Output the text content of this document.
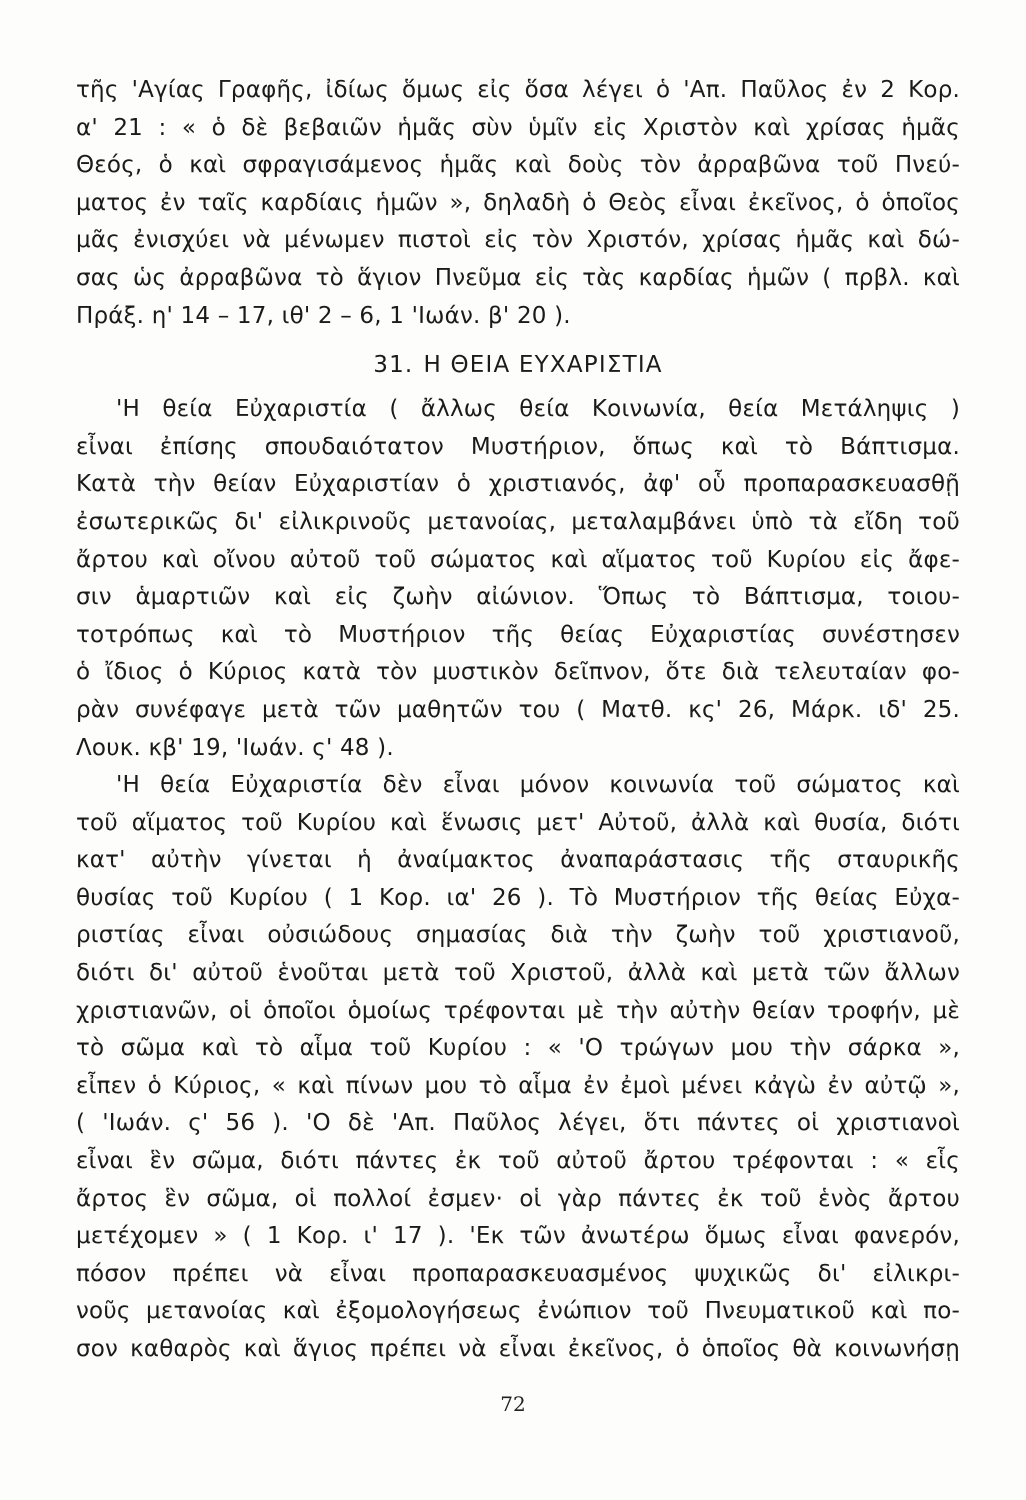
τῆς 'Αγίας Γραφῆς, ἰδίως ὅμως εἰς ὅσα λέγει ὁ 'Απ. Παῦλος ἐν 2 Κορ.
α' 21 : « ὁ δὲ βεβαιῶν ἡμᾶς σὺν ὑμῖν εἰς Χριστὸν καὶ χρίσας ἡμᾶς
Θεός, ὁ καὶ σφραγισάμενος ἡμᾶς καὶ δοὺς τὸν ἀρραβῶνα τοῦ Πνεύ-
ματος ἐν ταῖς καρδίαις ἡμῶν », δηλαδὴ ὁ Θεὸς εἶναι ἐκεῖνος, ὁ ὁποῖος
μᾶς ἐνισχύει νὰ μένωμεν πιστοὶ εἰς τὸν Χριστόν, χρίσας ἡμᾶς καὶ δώ-
σας ὡς ἀρραβῶνα τὸ ἅγιον Πνεῦμα εἰς τὰς καρδίας ἡμῶν ( πρβλ. καὶ
Πράξ. η' 14 – 17, ιθ' 2 – 6, 1 'Ιωάν. β' 20 ).
31. Η ΘΕΙΑ ΕΥΧΑΡΙΣΤΙΑ
'Η θεία Εὐχαριστία ( ἄλλως θεία Κοινωνία, θεία Μετάληψις )
εἶναι ἐπίσης σπουδαιότατον Μυστήριον, ὅπως καὶ τὸ Βάπτισμα.
Κατὰ τὴν θείαν Εὐχαριστίαν ὁ χριστιανός, ἀφ' οὗ προπαρασκευασθῇ
ἐσωτερικῶς δι' εἰλικρινοῦς μετανοίας, μεταλαμβάνει ὑπὸ τὰ εἴδη τοῦ
ἄρτου καὶ οἴνου αὐτοῦ τοῦ σώματος καὶ αἵματος τοῦ Κυρίου εἰς ἄφε-
σιν ἁμαρτιῶν καὶ εἰς ζωὴν αἰώνιον. Ὅπως τὸ Βάπτισμα, τοιου-
τοτρόπως καὶ τὸ Μυστήριον τῆς θείας Εὐχαριστίας συνέστησεν
ὁ ἴδιος ὁ Κύριος κατὰ τὸν μυστικὸν δεῖπνον, ὅτε διὰ τελευταίαν φο-
ρὰν συνέφαγε μετὰ τῶν μαθητῶν του ( Ματθ. κς' 26, Μάρκ. ιδ' 25.
Λουκ. κβ' 19, 'Ιωάν. ς' 48 ).
'Η θεία Εὐχαριστία δὲν εἶναι μόνον κοινωνία τοῦ σώματος καὶ
τοῦ αἵματος τοῦ Κυρίου καὶ ἕνωσις μετ' Αὐτοῦ, ἀλλὰ καὶ θυσία, διότι
κατ' αὐτὴν γίνεται ἡ ἀναίμακτος ἀναπαράστασις τῆς σταυρικῆς
θυσίας τοῦ Κυρίου ( 1 Κορ. ια' 26 ). Τὸ Μυστήριον τῆς θείας Εὐχα-
ριστίας εἶναι οὐσιώδους σημασίας διὰ τὴν ζωὴν τοῦ χριστιανοῦ,
διότι δι' αὐτοῦ ἑνοῦται μετὰ τοῦ Χριστοῦ, ἀλλὰ καὶ μετὰ τῶν ἄλλων
χριστιανῶν, οἱ ὁποῖοι ὁμοίως τρέφονται μὲ τὴν αὐτὴν θείαν τροφήν, μὲ
τὸ σῶμα καὶ τὸ αἷμα τοῦ Κυρίου : « 'Ο τρώγων μου τὴν σάρκα »,
εἶπεν ὁ Κύριος, « καὶ πίνων μου τὸ αἷμα ἐν ἐμοὶ μένει κἀγὼ ἐν αὐτῷ »,
( 'Ιωάν. ς' 56 ). 'Ο δὲ 'Απ. Παῦλος λέγει, ὅτι πάντες οἱ χριστιανοὶ
εἶναι ἓν σῶμα, διότι πάντες ἐκ τοῦ αὐτοῦ ἄρτου τρέφονται : « εἷς
ἄρτος ἓν σῶμα, οἱ πολλοί ἐσμεν· οἱ γὰρ πάντες ἐκ τοῦ ἑνὸς ἄρτου
μετέχομεν » ( 1 Κορ. ι' 17 ). 'Εκ τῶν ἀνωτέρω ὅμως εἶναι φανερόν,
πόσον πρέπει νὰ εἶναι προπαρασκευασμένος ψυχικῶς δι' εἰλικρι-
νοῦς μετανοίας καὶ ἐξομολογήσεως ἐνώπιον τοῦ Πνευματικοῦ καὶ πο-
σον καθαρὸς καὶ ἅγιος πρέπει νὰ εἶναι ἐκεῖνος, ὁ ὁποῖος θὰ κοινωνήσῃ
72
